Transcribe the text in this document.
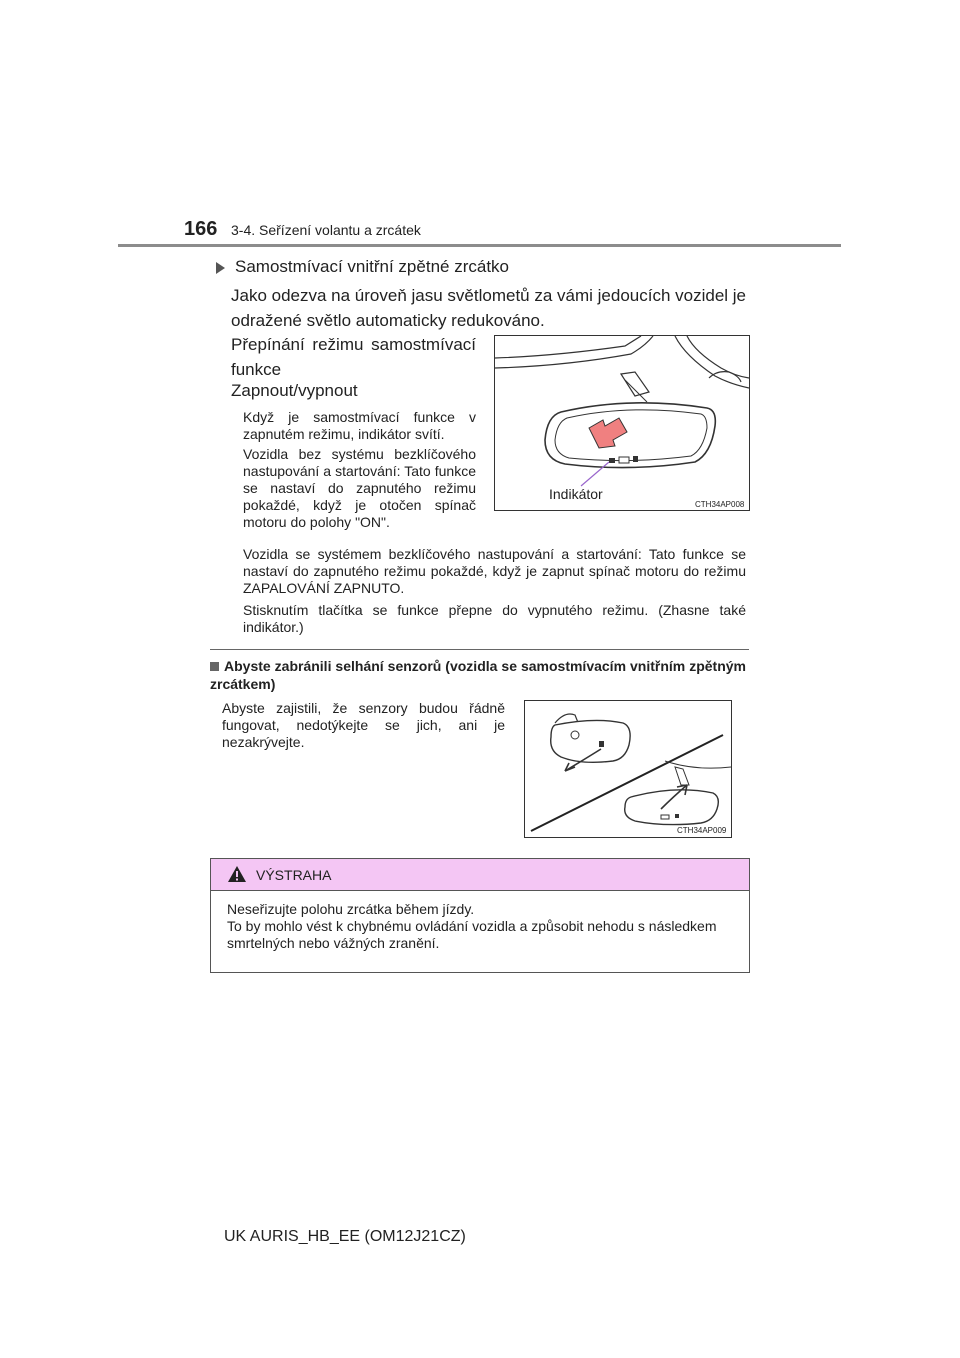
166 3-4. Seřízení volantu a zrcátek
Samostmívací vnitřní zpětné zrcátko
Jako odezva na úroveň jasu světlometů za vámi jedoucích vozidel je odražené světlo automaticky redukováno.
Přepínání režimu samostmívací funkce
Zapnout/vypnout
Když je samostmívací funkce v zapnutém režimu, indikátor svítí.
Vozidla bez systému bezklíčového nastupování a startování: Tato funkce se nastaví do zapnutého režimu pokaždé, když je otočen spínač motoru do polohy "ON".
Vozidla se systémem bezklíčového nastupování a startování: Tato funkce se nastaví do zapnutého režimu pokaždé, když je zapnut spínač motoru do režimu ZAPALOVÁNÍ ZAPNUTO.
Stisknutím tlačítka se funkce přepne do vypnutého režimu. (Zhasne také indikátor.)
Indikátor
CTH34AP008
Abyste zabránili selhání senzorů (vozidla se samostmívacím vnitřním zpětným zrcátkem)
Abyste zajistili, že senzory budou řádně fungovat, nedotýkejte se jich, ani je nezakrývejte.
CTH34AP009
VÝSTRAHA
Neseřizujte polohu zrcátka během jízdy.
To by mohlo vést k chybnému ovládání vozidla a způsobit nehodu s následkem smrtelných nebo vážných zranění.
UK AURIS_HB_EE (OM12J21CZ)
